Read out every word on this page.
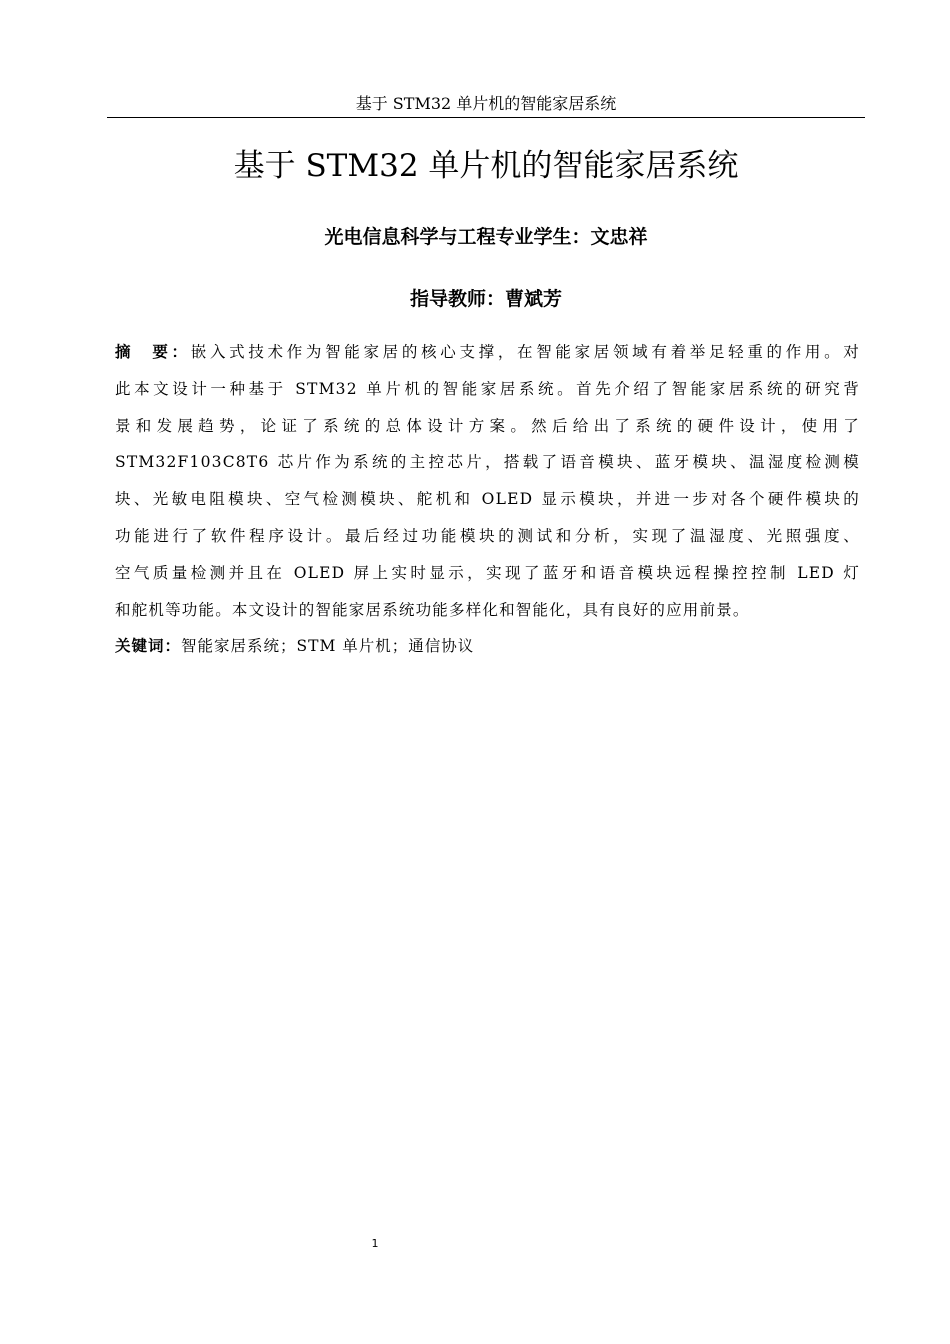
基于 STM32 单片机的智能家居系统
基于 STM32 单片机的智能家居系统
光电信息科学与工程专业学生：文忠祥
指导教师：曹斌芳
摘  要：嵌入式技术作为智能家居的核心支撑，在智能家居领域有着举足轻重的作用。对
此本文设计一种基于 STM32 单片机的智能家居系统。首先介绍了智能家居系统的研究背
景和发展趋势，论证了系统的总体设计方案。然后给出了系统的硬件设计，使用了
STM32F103C8T6 芯片作为系统的主控芯片，搭载了语音模块、蓝牙模块、温湿度检测模
块、光敏电阻模块、空气检测模块、舵机和 OLED 显示模块，并进一步对各个硬件模块的
功能进行了软件程序设计。最后经过功能模块的测试和分析，实现了温湿度、光照强度、
空气质量检测并且在 OLED 屏上实时显示，实现了蓝牙和语音模块远程操控控制 LED 灯
和舵机等功能。本文设计的智能家居系统功能多样化和智能化，具有良好的应用前景。
关键词：智能家居系统；STM 单片机；通信协议
1
